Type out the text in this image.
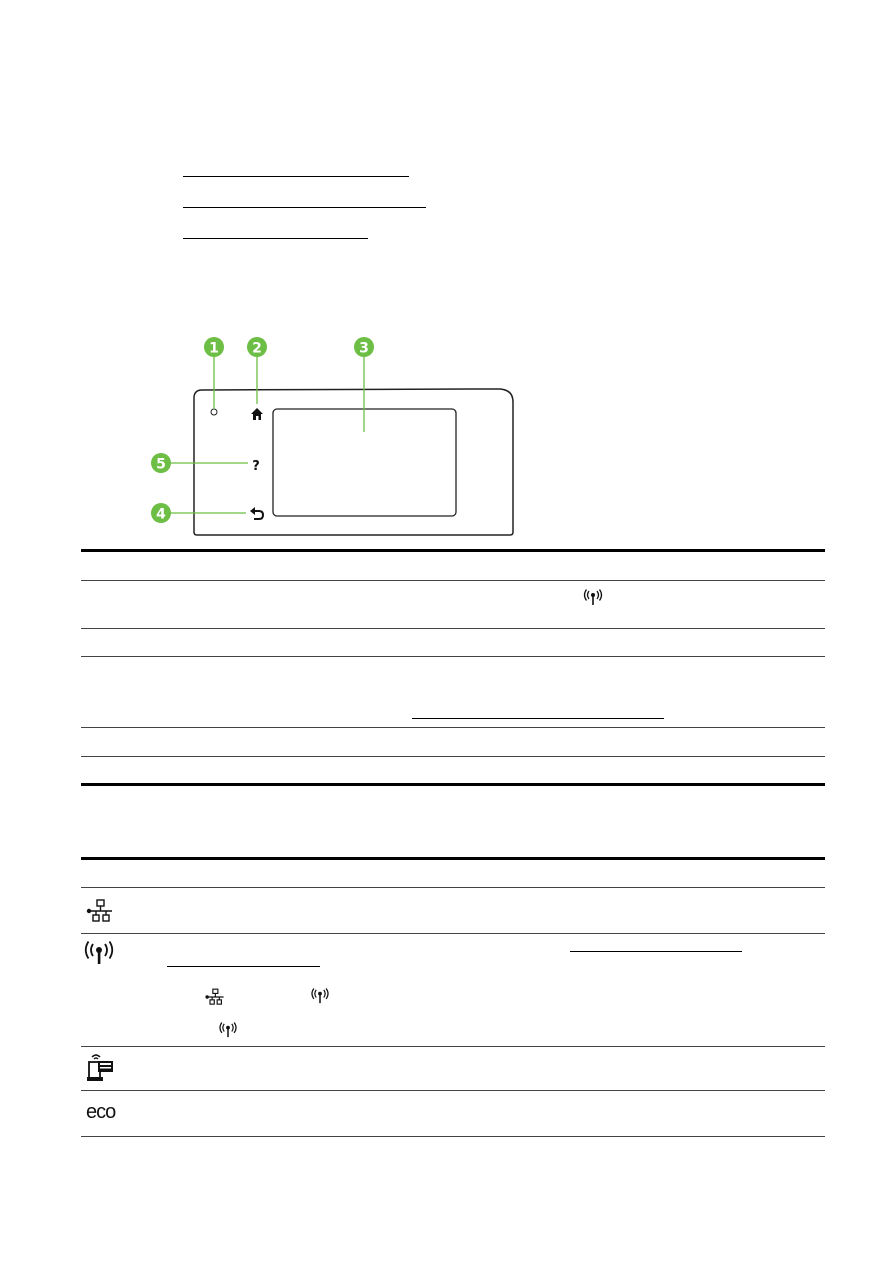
?
1 2	3
5
4
eco
